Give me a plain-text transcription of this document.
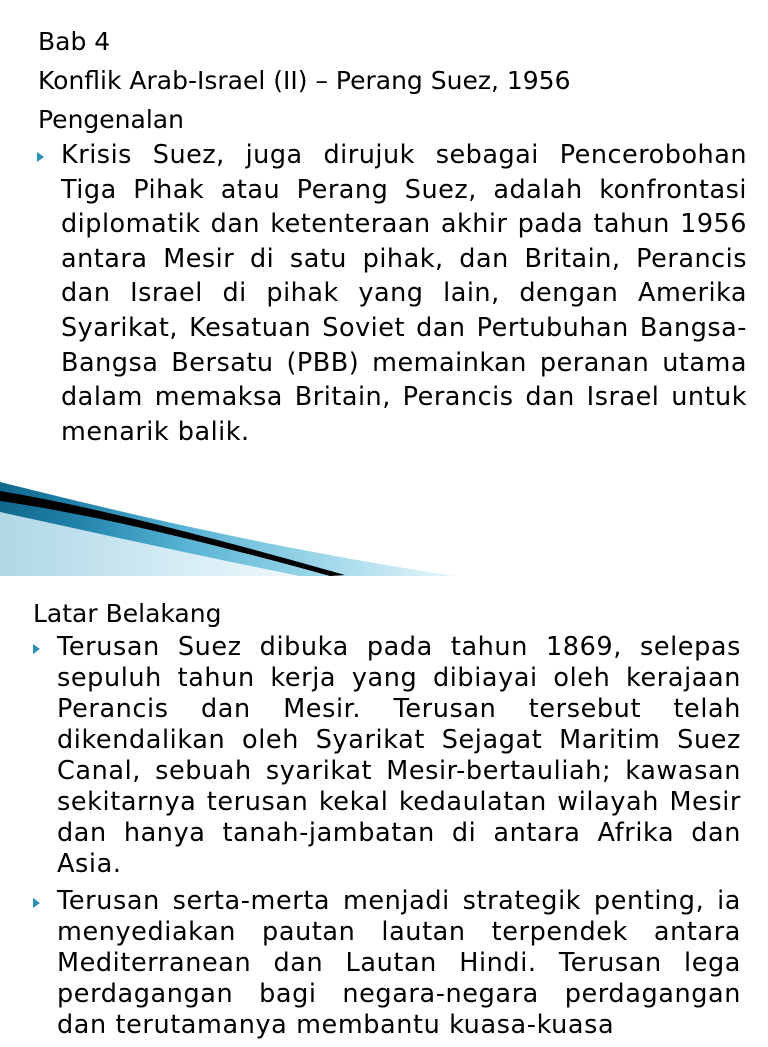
Bab 4
Konflik Arab-Israel (II) – Perang Suez, 1956
Pengenalan
Krisis Suez, juga dirujuk sebagai Pencerobohan Tiga Pihak atau Perang Suez, adalah konfrontasi diplomatik dan ketenteraan akhir pada tahun 1956 antara Mesir di satu pihak, dan Britain, Perancis dan Israel di pihak yang lain, dengan Amerika Syarikat, Kesatuan Soviet dan Pertubuhan Bangsa-Bangsa Bersatu (PBB) memainkan peranan utama dalam memaksa Britain, Perancis dan Israel untuk menarik balik.
Latar Belakang
Terusan Suez dibuka pada tahun 1869, selepas sepuluh tahun kerja yang dibiayai oleh kerajaan Perancis dan Mesir. Terusan tersebut telah dikendalikan oleh Syarikat Sejagat Maritim Suez Canal, sebuah syarikat Mesir-bertauliah; kawasan sekitarnya terusan kekal kedaulatan wilayah Mesir dan hanya tanah-jambatan di antara Afrika dan Asia.
Terusan serta-merta menjadi strategik penting, ia menyediakan pautan lautan terpendek antara Mediterranean dan Lautan Hindi. Terusan lega perdagangan bagi negara-negara perdagangan dan terutamanya membantu kuasa-kuasa
